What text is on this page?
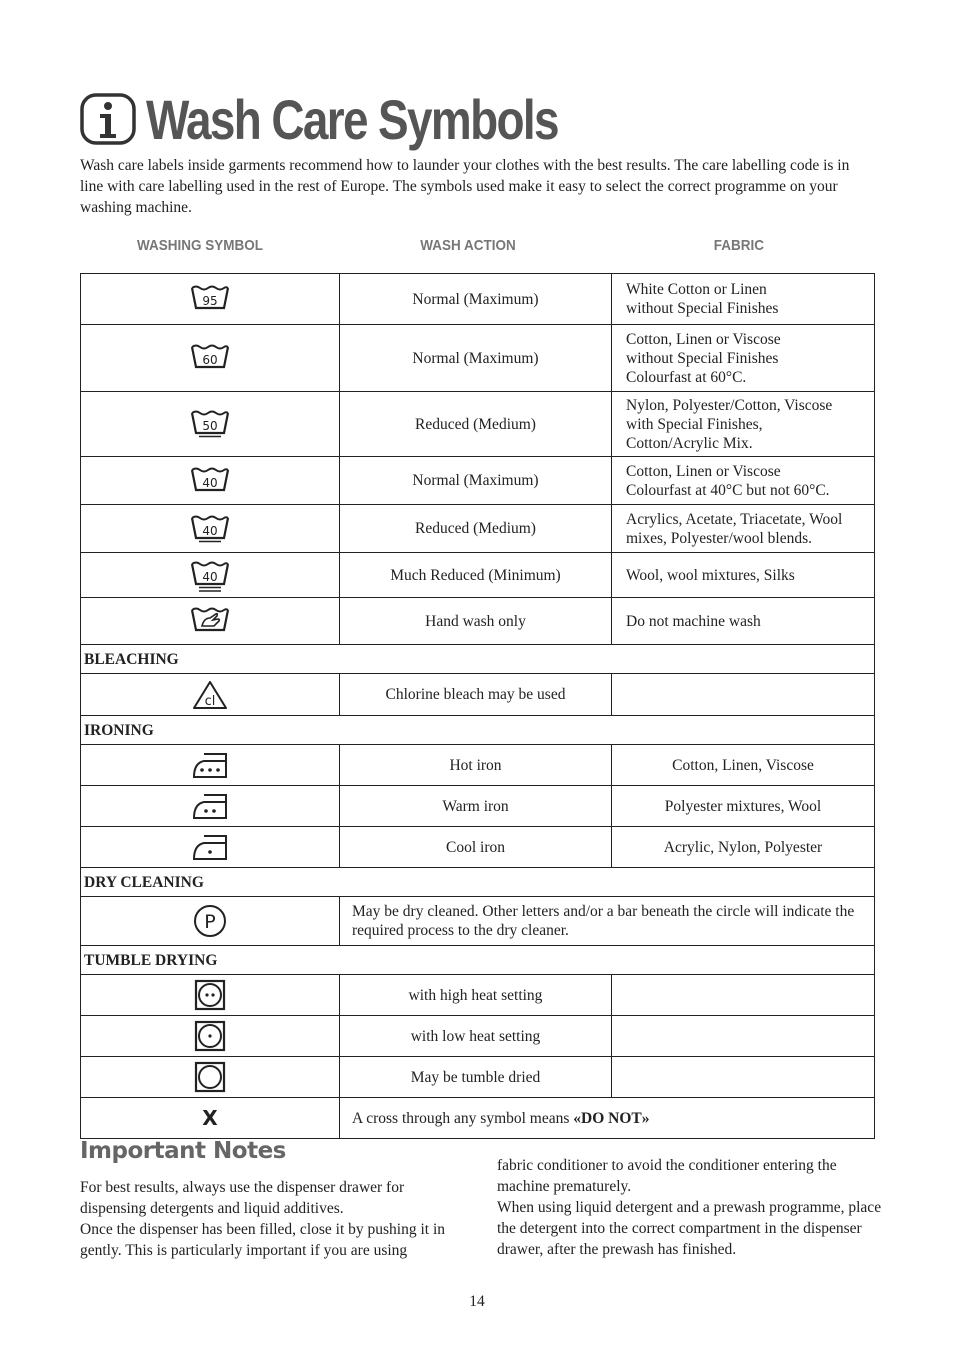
Wash Care Symbols
Wash care labels inside garments recommend how to launder your clothes with the best results. The care labelling code is in line with care labelling used in the rest of Europe. The symbols used make it easy to select the correct programme on your washing machine.
WASHING SYMBOL	WASH ACTION	FABRIC
95	Normal (Maximum)	White Cotton or Linen
without Special Finishes

60	Normal (Maximum)	Cotton, Linen or Viscose
without Special Finishes
Colourfast at 60°C.

50	Reduced (Medium)	Nylon, Polyester/Cotton, Viscose
with Special Finishes,
Cotton/Acrylic Mix.

40	Normal (Maximum)	Cotton, Linen or Viscose
Colourfast at 40°C but not 60°C.

40	Reduced (Medium)	Acrylics, Acetate, Triacetate, Wool
mixes, Polyester/wool blends.

40	Much Reduced (Minimum)	Wool, wool mixtures, Silks

	Hand wash only	Do not machine wash

BLEACHING		

cl	Chlorine bleach may be used	
IRONING		

	Hot iron	Cotton, Linen, Viscose

	Warm iron	Polyester mixtures, Wool

	Cool iron	Acrylic, Nylon, Polyester
DRY CLEANING		

P	May be dry cleaned. Other letters and/or a bar beneath the circle will indicate the required process to the dry cleaner.	
TUMBLE DRYING		

	with high heat setting	

	with low heat setting	

	May be tumble dried	
X	A cross through any symbol means «DO NOT»	
Important Notes

For best results, always use the dispenser drawer for dispensing detergents and liquid additives.

Once the dispenser has been filled, close it by pushing it in gently. This is particularly important if you are using

fabric conditioner to avoid the conditioner entering the machine prematurely.

When using liquid detergent and a prewash programme, place the detergent into the correct compartment in the dispenser drawer, after the prewash has finished.

14
